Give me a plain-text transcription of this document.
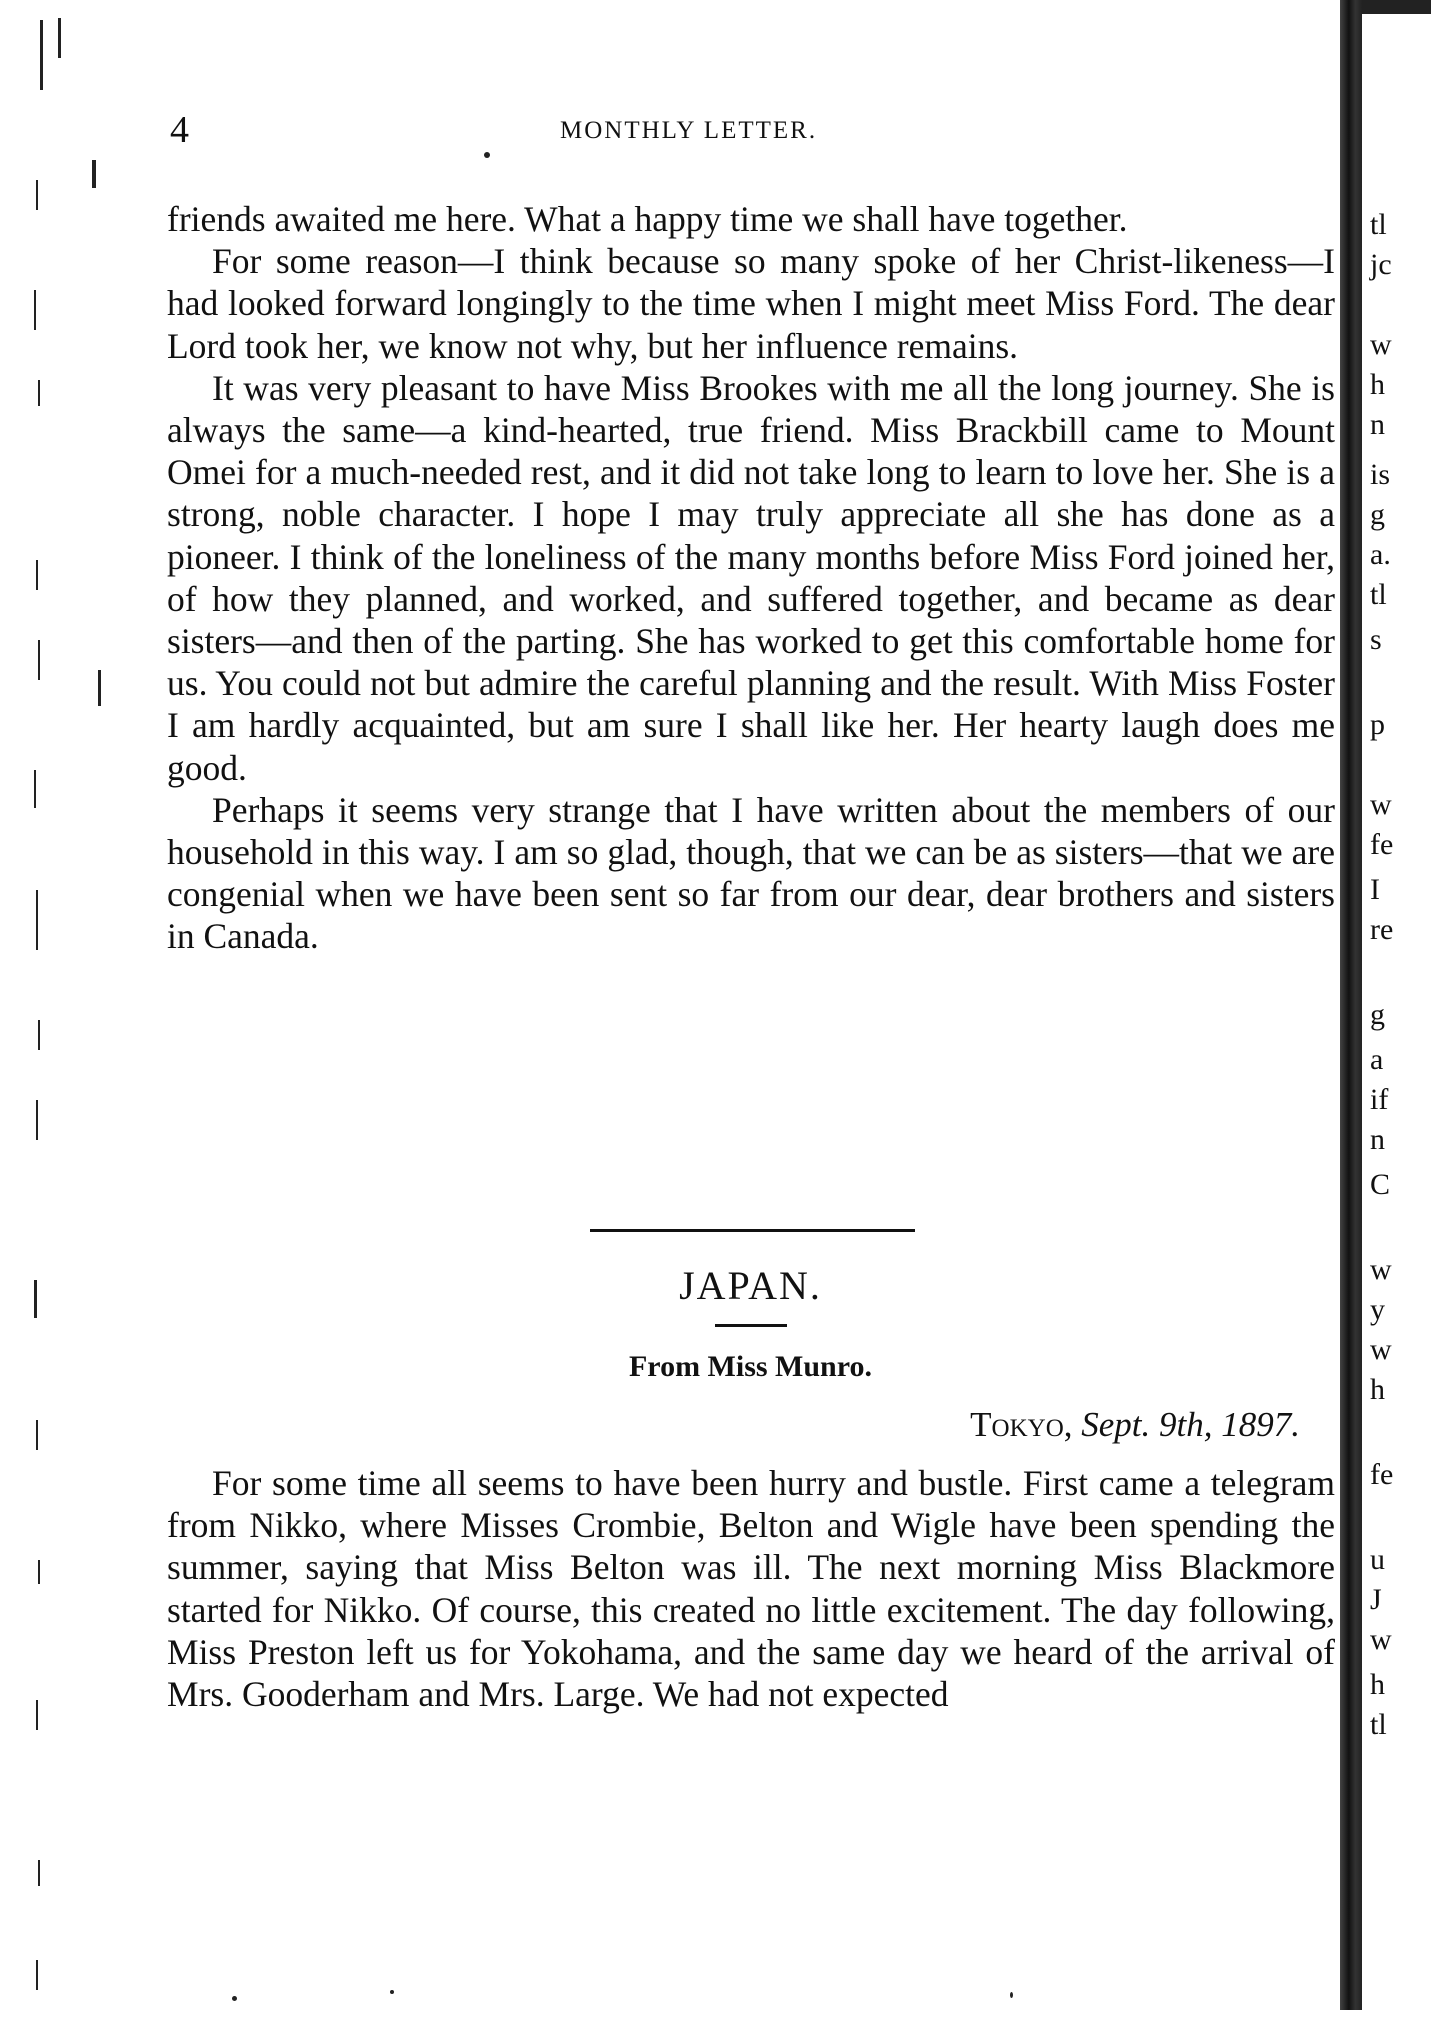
4	MONTHLY LETTER.

friends awaited me here. What a happy time we shall have together.

For some reason—I think because so many spoke of her Christ-likeness—I had looked forward longingly to the time when I might meet Miss Ford. The dear Lord took her, we know not why, but her influence remains.

It was very pleasant to have Miss Brookes with me all the long journey. She is always the same—a kind-hearted, true friend. Miss Brackbill came to Mount Omei for a much-needed rest, and it did not take long to learn to love her. She is a strong, noble character. I hope I may truly appreciate all she has done as a pioneer. I think of the loneliness of the many months before Miss Ford joined her, of how they planned, and worked, and suffered together, and became as dear sisters—and then of the parting. She has worked to get this comfortable home for us. You could not but admire the careful planning and the result. With Miss Foster I am hardly acquainted, but am sure I shall like her. Her hearty laugh does me good.

Perhaps it seems very strange that I have written about the members of our household in this way. I am so glad, though, that we can be as sisters—that we are congenial when we have been sent so far from our dear, dear brothers and sisters in Canada.

JAPAN.
From Miss Munro.
Tokyo, Sept. 9th, 1897.

For some time all seems to have been hurry and bustle. First came a telegram from Nikko, where Misses Crombie, Belton and Wigle have been spending the summer, saying that Miss Belton was ill. The next morning Miss Blackmore started for Nikko. Of course, this created no little excitement. The day following, Miss Preston left us for Yokohama, and the same day we heard of the arrival of Mrs. Gooderham and Mrs. Large. We had not expected

tl
jc
w
h
n
is
g
a.
tl
s
p
w
fe
I
re
g
a
if
n
C
w
y
w
h
fe
u
J
w
h
tl
